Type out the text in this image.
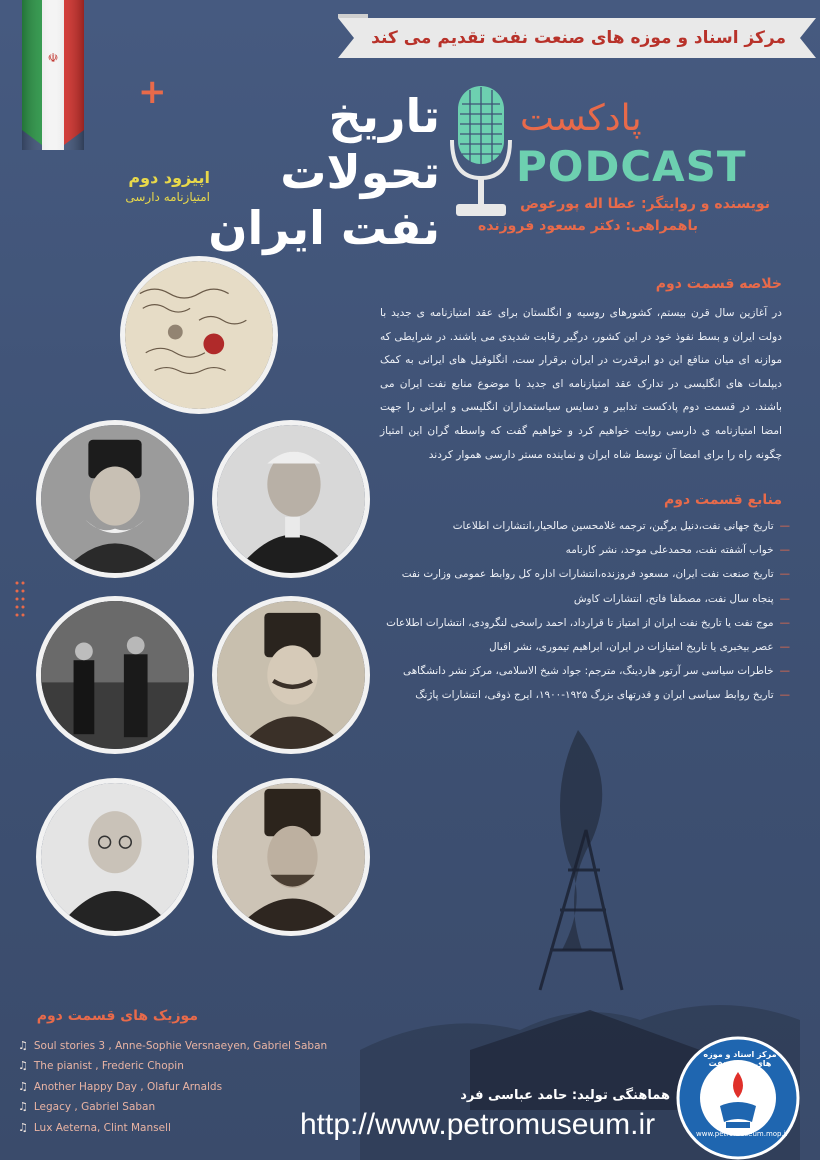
مرکز اسناد و موزه های صنعت نفت تقدیم می کند
تاریخ تحولات
نفت ایران
+
اپیزود دوم
امتیازنامه دارسی
پادکست
PODCAST
نویسنده و روایتگر: عطا اله پورعوض
باهمراهی: دکتر مسعود فروزنده
خلاصه قسمت دوم
در آغازین سال قرن بیستم، کشورهای روسیه و انگلستان برای عقد امتیازنامه ی جدید با دولت ایران و بسط نفوذ خود در این کشور، درگیر رقابت شدیدی می باشند. در شرایطی که موازنه ای میان منافع این دو ابرقدرت در ایران برقرار ست، انگلوفیل های ایرانی به کمک دیپلمات های انگلیسی در تدارک عقد امتیازنامه ای جدید با موضوع منابع نفت ایران می باشند. در قسمت دوم پادکست تدابیر و دسایس سیاستمداران انگلیسی و ایرانی را جهت امضا امتیازنامه ی دارسی روایت خواهیم کرد و خواهیم گفت که واسطه گران این امتیاز چگونه راه را برای امضا آن توسط شاه ایران و نماینده مستر دارسی هموار کردند
منابع قسمت دوم
—تاریخ جهانی نفت،دنیل یرگین، ترجمه غلامحسین صالحیار،انتشارات اطلاعات
—خواب آشفته نفت، محمدعلی موحد، نشر کارنامه
—تاریخ صنعت نفت ایران، مسعود فروزنده،انتشارات اداره کل روابط عمومی وزارت نفت
—پنجاه سال نفت، مصطفا فاتح، انتشارات کاوش
—موج نفت یا تاریخ نفت ایران از امتیاز تا قرارداد، احمد راسخی لنگرودی، انتشارات اطلاعات
—عصر بیخبری یا تاریخ امتیازات در ایران، ابراهیم تیموری، نشر اقبال
—خاطرات سیاسی سر آرتور هاردینگ، مترجم: جواد شیخ الاسلامی، مرکز نشر دانشگاهی
—تاریخ روابط سیاسی ایران و قدرتهای بزرگ ۱۹۲۵-۱۹۰۰، ایرج ذوقی، انتشارات پاژنگ
موزیک های قسمت دوم
♫ Soul stories 3 , Anne-Sophie Versnaeyen, Gabriel Saban
♫ The pianist , Frederic Chopin
♫ Another Happy Day , Olafur Arnalds
♫ Legacy , Gabriel Saban
♫ Lux Aeterna, Clint Mansell
هماهنگی تولید: حامد عباسی فرد
http://www.petromuseum.ir
مرکز اسناد و موزه های صنعت نفت
www.petromuseum.mop.ir
